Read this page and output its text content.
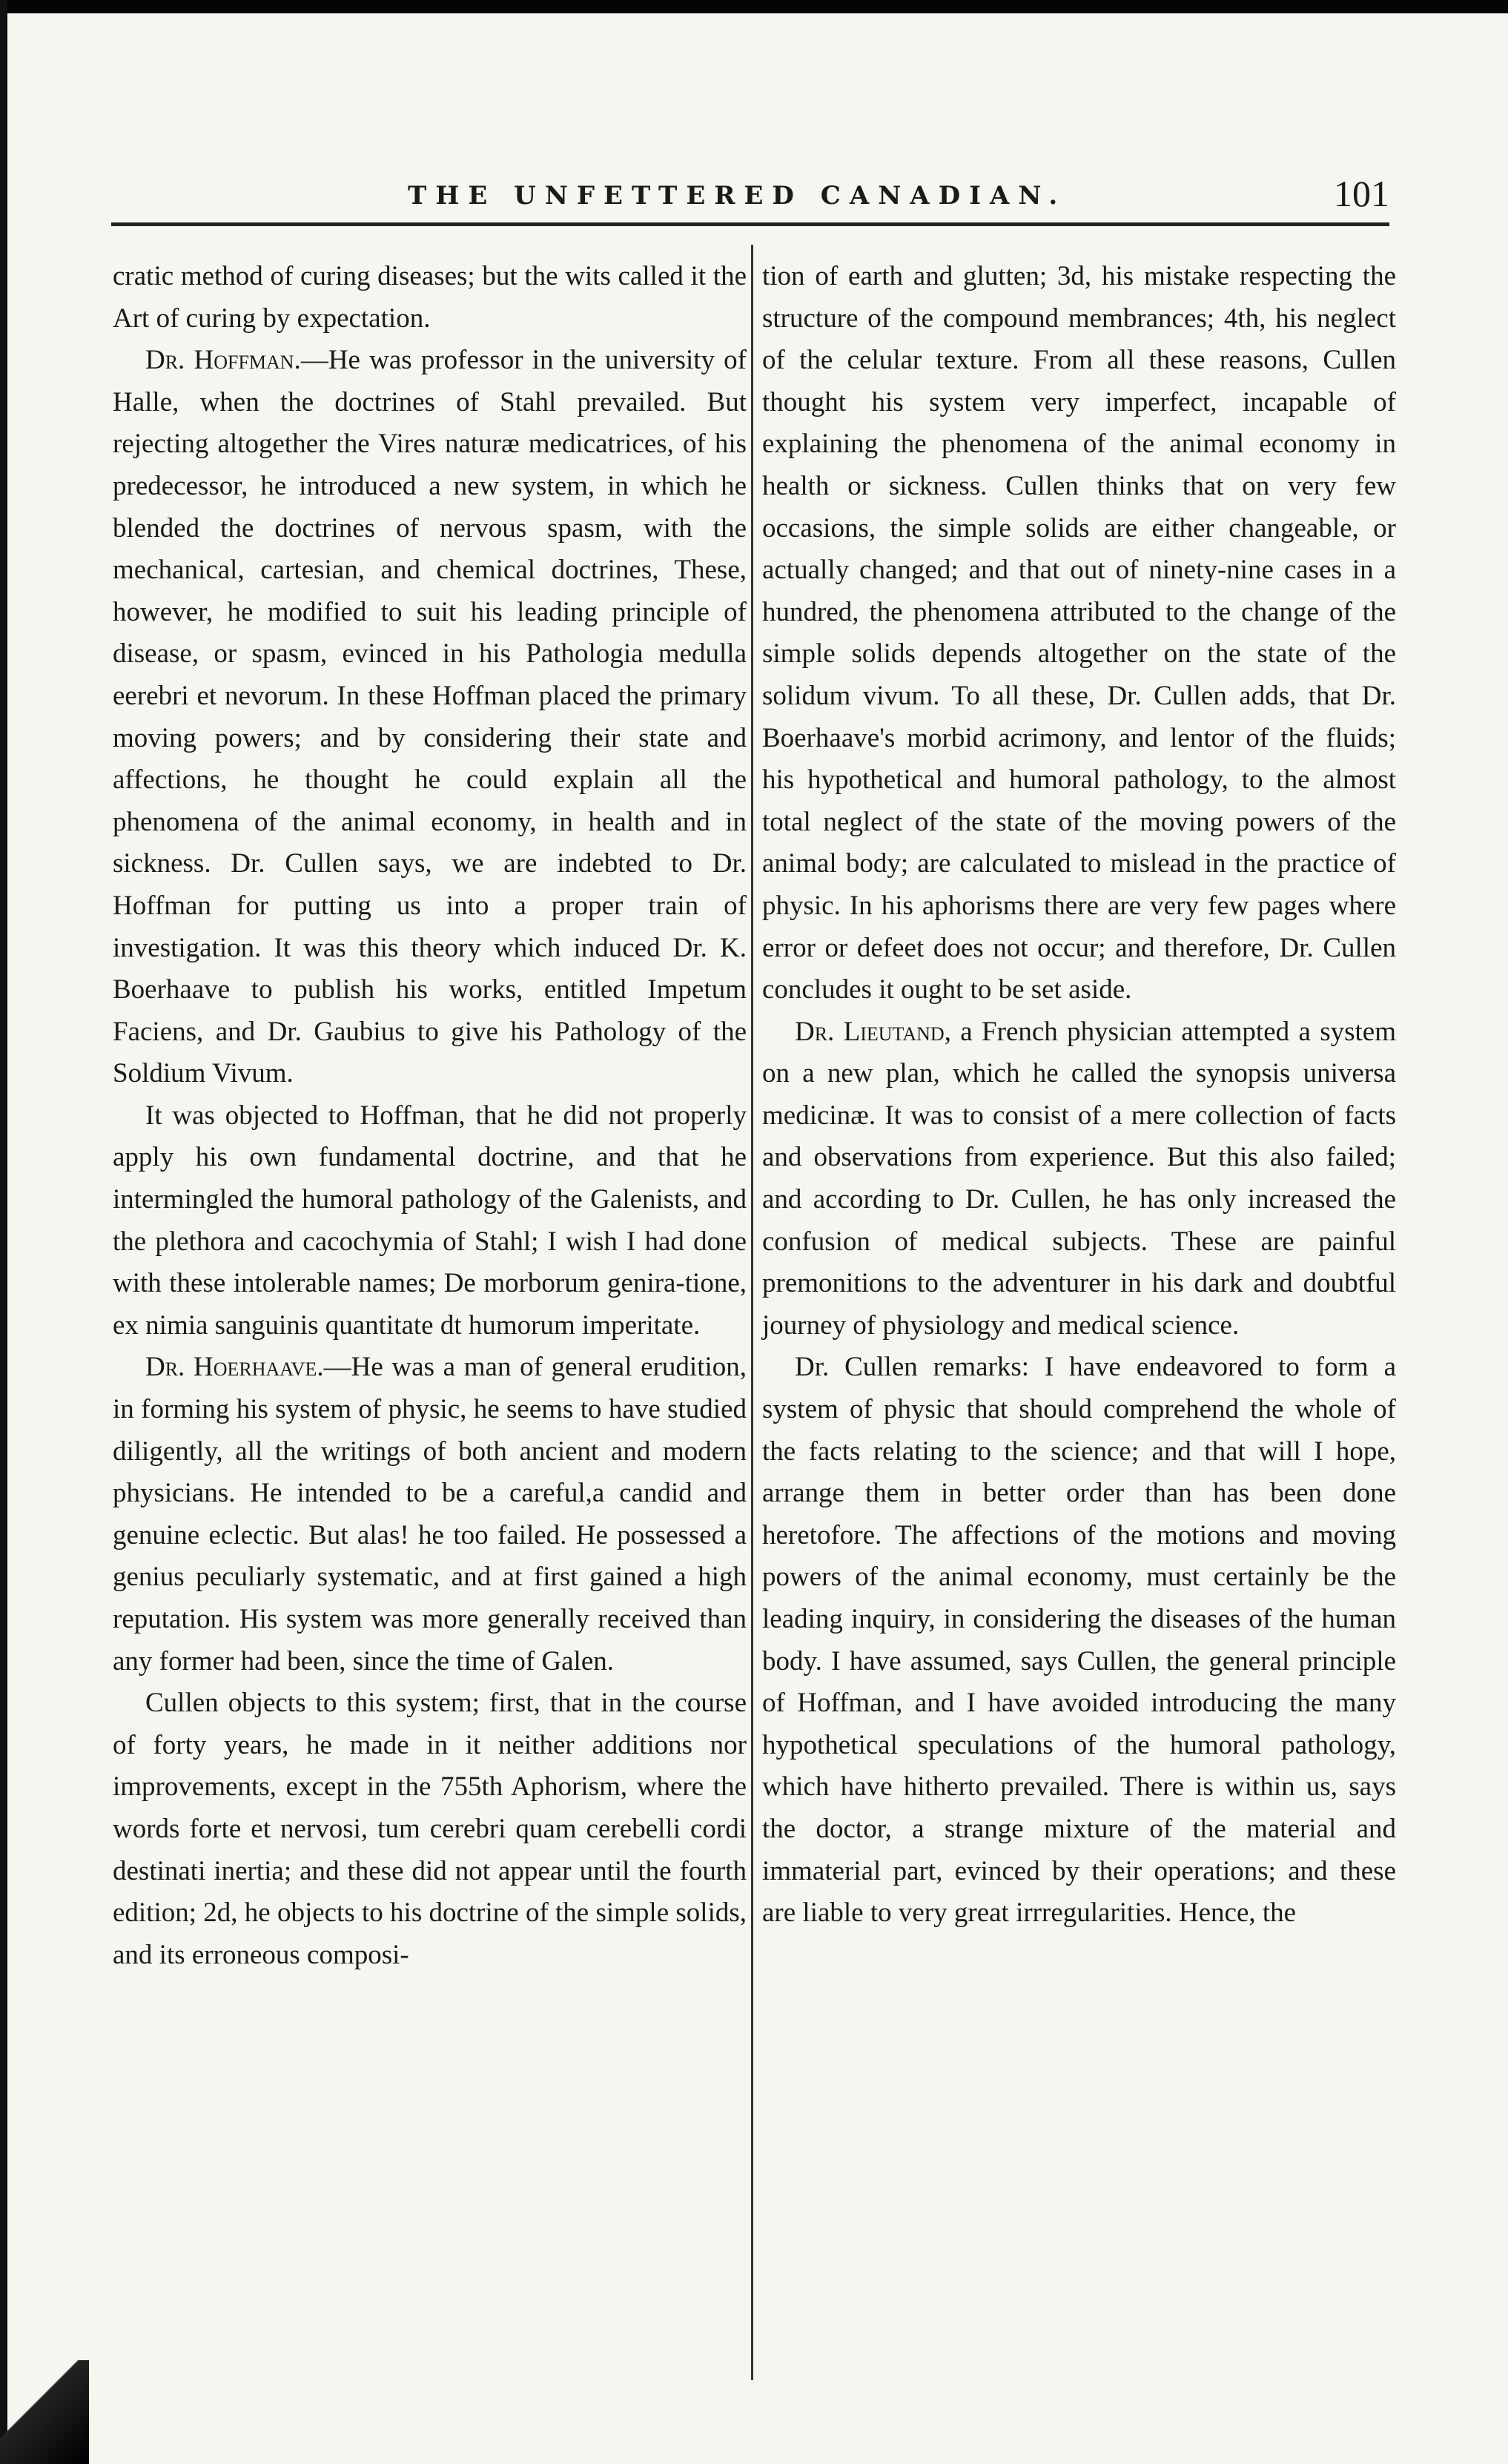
THE UNFETTERED CANADIAN.	101

cratic method of curing diseases; but the wits called it the Art of curing by expectation.

Dr. Hoffman.—He was professor in the university of Halle, when the doctrines of Stahl prevailed. But rejecting altogether the Vires naturæ medicatrices, of his predecessor, he introduced a new system, in which he blended the doctrines of nervous spasm, with the mechanical, cartesian, and chemical doctrines, These, however, he modified to suit his leading principle of disease, or spasm, evinced in his Pathologia medulla eerebri et nevorum. In these Hoffman placed the primary moving powers; and by considering their state and affections, he thought he could explain all the phenomena of the animal economy, in health and in sickness. Dr. Cullen says, we are indebted to Dr. Hoffman for putting us into a proper train of investigation. It was this theory which induced Dr. K. Boerhaave to publish his works, entitled Impetum Faciens, and Dr. Gaubius to give his Pathology of the Soldium Vivum.

It was objected to Hoffman, that he did not properly apply his own fundamental doctrine, and that he intermingled the humoral pathology of the Galenists, and the plethora and cacochymia of Stahl; I wish I had done with these intolerable names; De morborum genira-tione, ex nimia sanguinis quantitate dt humorum imperitate.

Dr. Hoerhaave.—He was a man of general erudition, in forming his system of physic, he seems to have studied diligently, all the writings of both ancient and modern physicians. He intended to be a careful,a candid and genuine eclectic. But alas! he too failed. He possessed a genius peculiarly systematic, and at first gained a high reputation. His system was more generally received than any former had been, since the time of Galen.

Cullen objects to this system; first, that in the course of forty years, he made in it neither additions nor improvements, except in the 755th Aphorism, where the words forte et nervosi, tum cerebri quam cerebelli cordi destinati inertia; and these did not appear until the fourth edition; 2d, he objects to his doctrine of the simple solids, and its erroneous composi-

tion of earth and glutten; 3d, his mistake respecting the structure of the compound membrances; 4th, his neglect of the celular texture. From all these reasons, Cullen thought his system very imperfect, incapable of explaining the phenomena of the animal economy in health or sickness. Cullen thinks that on very few occasions, the simple solids are either changeable, or actually changed; and that out of ninety-nine cases in a hundred, the phenomena attributed to the change of the simple solids depends altogether on the state of the solidum vivum. To all these, Dr. Cullen adds, that Dr. Boerhaave's morbid acrimony, and lentor of the fluids; his hypothetical and humoral pathology, to the almost total neglect of the state of the moving powers of the animal body; are calculated to mislead in the practice of physic. In his aphorisms there are very few pages where error or defeet does not occur; and therefore, Dr. Cullen concludes it ought to be set aside.

Dr. Lieutand, a French physician attempted a system on a new plan, which he called the synopsis universa medicinæ. It was to consist of a mere collection of facts and observations from experience. But this also failed; and according to Dr. Cullen, he has only increased the confusion of medical subjects. These are painful premonitions to the adventurer in his dark and doubtful journey of physiology and medical science.

Dr. Cullen remarks: I have endeavored to form a system of physic that should comprehend the whole of the facts relating to the science; and that will I hope, arrange them in better order than has been done heretofore. The affections of the motions and moving powers of the animal economy, must certainly be the leading inquiry, in considering the diseases of the human body. I have assumed, says Cullen, the general principle of Hoffman, and I have avoided introducing the many hypothetical speculations of the humoral pathology, which have hitherto prevailed. There is within us, says the doctor, a strange mixture of the material and immaterial part, evinced by their operations; and these are liable to very great irrregularities. Hence, the
